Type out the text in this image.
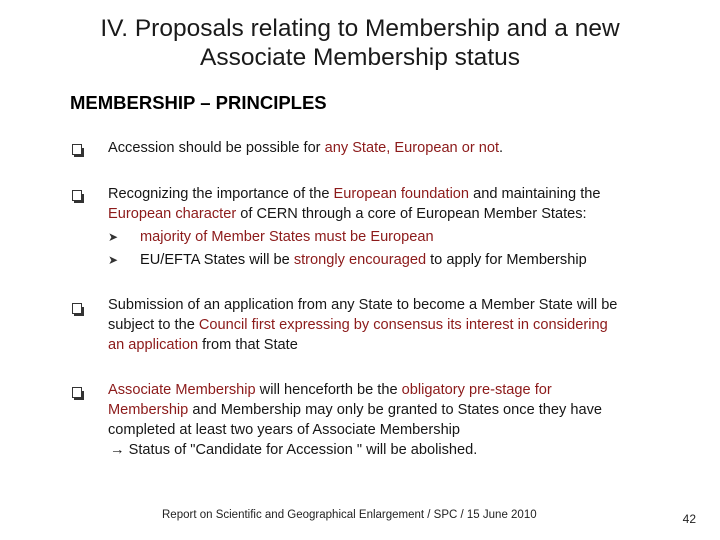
IV. Proposals relating to Membership and a new
Associate Membership status
MEMBERSHIP – PRINCIPLES
Accession should be possible for any State, European or not.
Recognizing the importance of the European foundation and maintaining the
European character of CERN through a core of European Member States:
➤ majority of Member States must be European
➤ EU/EFTA States will be strongly encouraged to apply for Membership
Submission of an application from any State to become a Member State will be
subject to the Council first expressing by consensus its interest in considering
an application from that State
Associate Membership will henceforth be the obligatory pre-stage for
Membership and Membership may only be granted to States once they have
completed at least two years of Associate Membership
→ Status of "Candidate for Accession " will be abolished.
Report on Scientific and Geographical Enlargement / SPC / 15 June 2010	42
